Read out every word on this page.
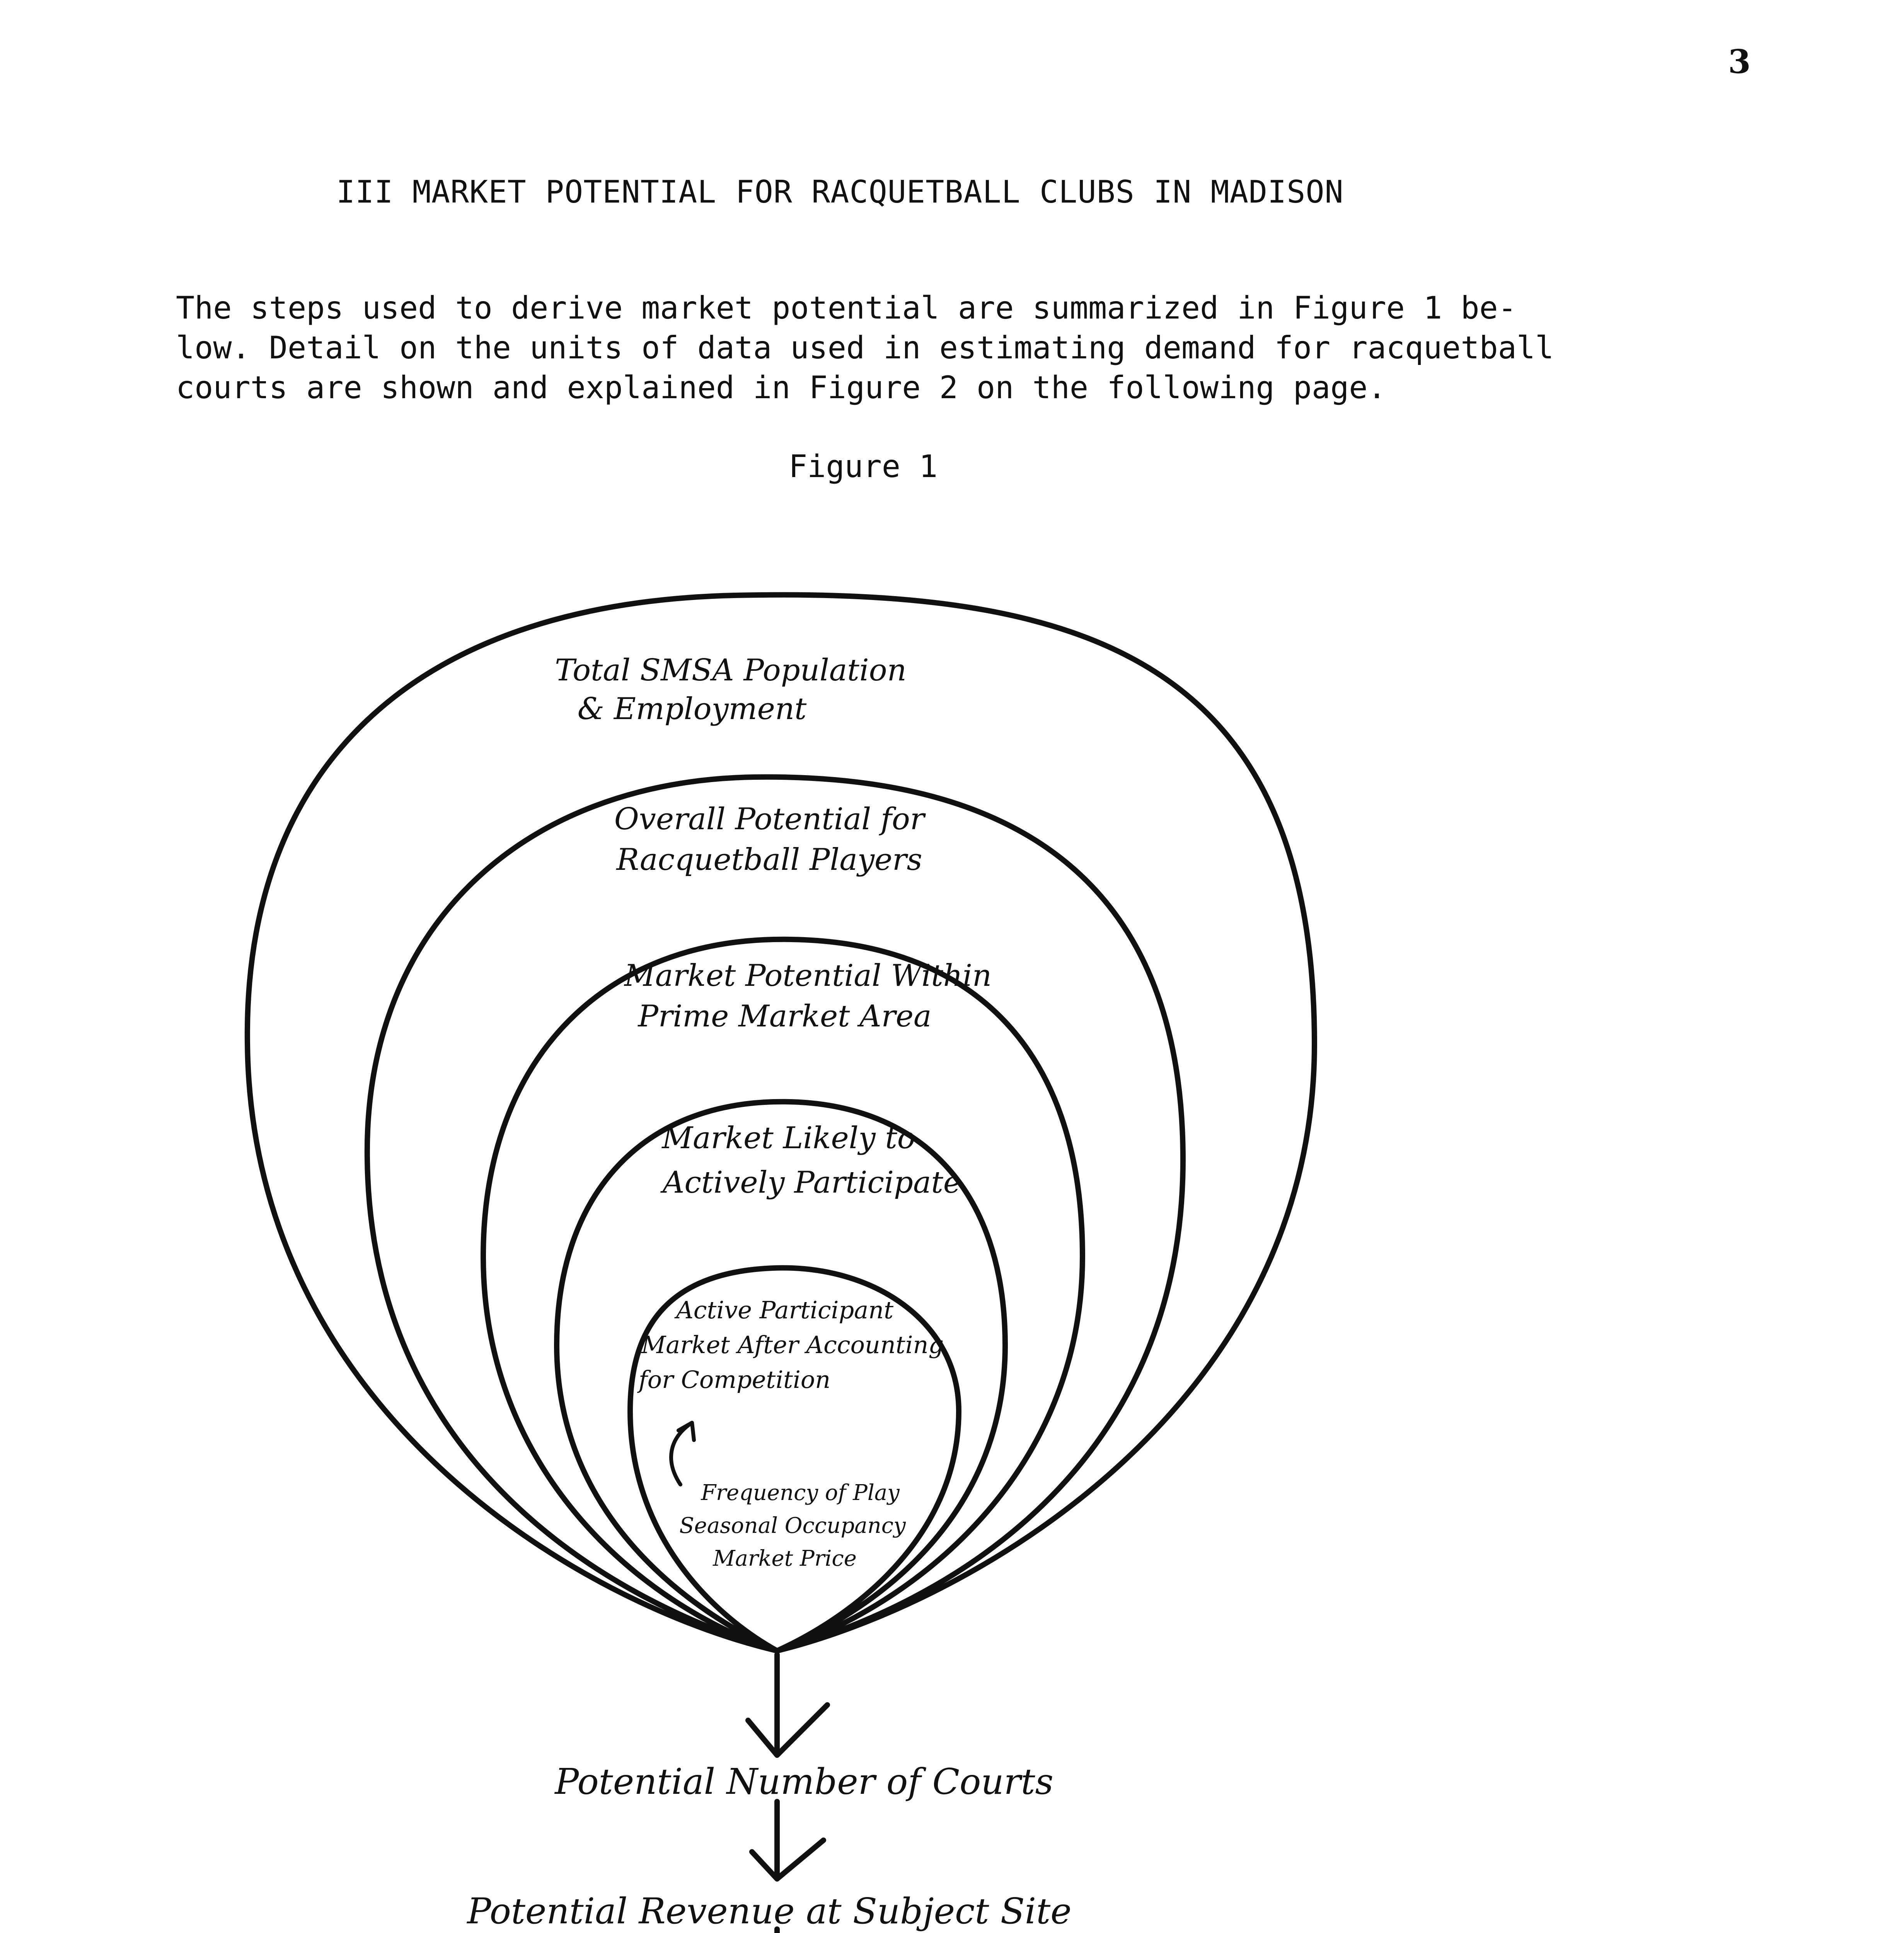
3
III MARKET POTENTIAL FOR RACQUETBALL CLUBS IN MADISON
The steps used to derive market potential are summarized in Figure 1 be-
low. Detail on the units of data used in estimating demand for racquetball
courts are shown and explained in Figure 2 on the following page.
Figure 1
Total SMSA Population
& Employment
Overall Potential for
Racquetball Players
Market Potential Within
Prime Market Area
Market Likely to
Actively Participate
Active Participant
Market After Accounting
for Competition
Frequency of Play
Seasonal Occupancy
Market Price
Potential Number of Courts
Potential Revenue at Subject Site
